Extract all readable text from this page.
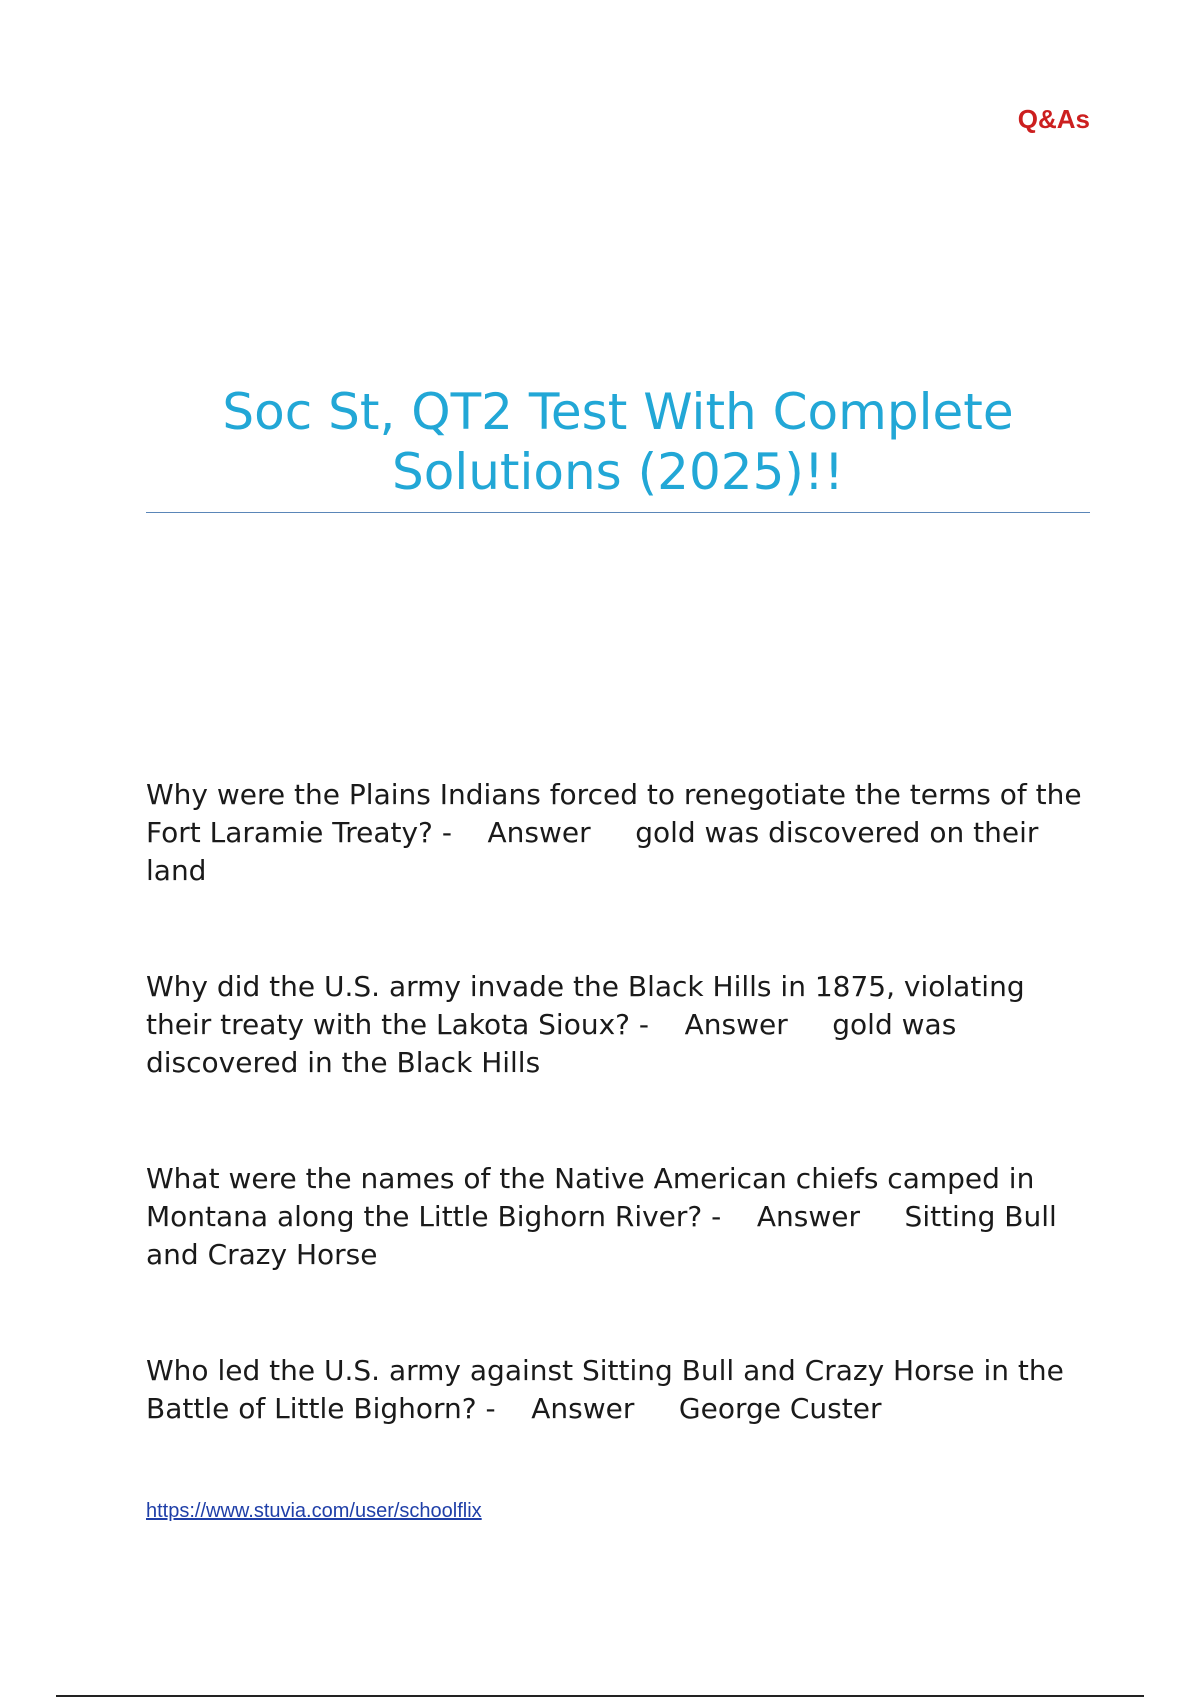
Q&As
Soc St, QT2 Test With Complete Solutions (2025)!!

Why were the Plains Indians forced to renegotiate the terms of the Fort Laramie Treaty? -    Answer gold was discovered on their land

Why did the U.S. army invade the Black Hills in 1875, violating their treaty with the Lakota Sioux? -    Answer gold was discovered in the Black Hills

What were the names of the Native American chiefs camped in Montana along the Little Bighorn River? -    Answer Sitting Bull and Crazy Horse

Who led the U.S. army against Sitting Bull and Crazy Horse in the Battle of Little Bighorn? -    Answer George Custer

https://www.stuvia.com/user/schoolflix
